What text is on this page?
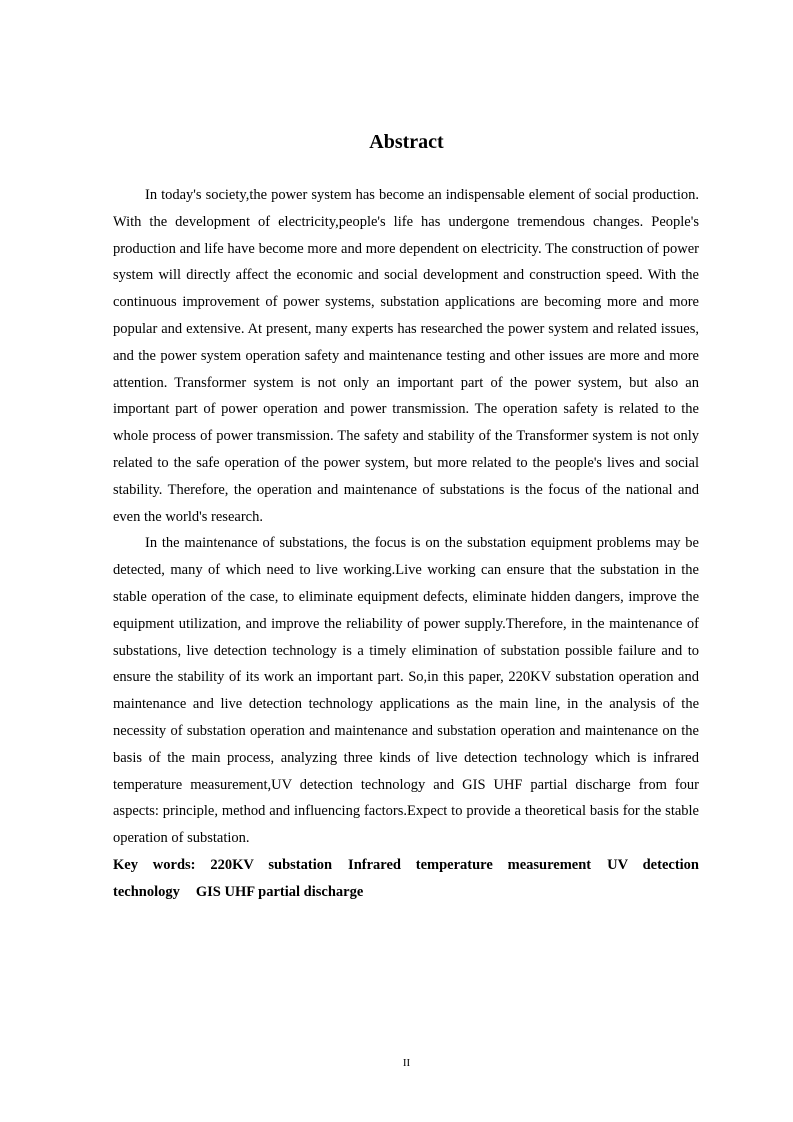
Abstract

In today's society,the power system has become an indispensable element of social production. With the development of electricity,people's life has undergone tremendous changes. People's production and life have become more and more dependent on electricity. The construction of power system will directly affect the economic and social development and construction speed. With the continuous improvement of power systems, substation applications are becoming more and more popular and extensive. At present, many experts has researched the power system and related issues, and the power system operation safety and maintenance testing and other issues are more and more attention. Transformer system is not only an important part of the power system, but also an important part of power operation and power transmission. The operation safety is related to the whole process of power transmission. The safety and stability of the Transformer system is not only related to the safe operation of the power system, but more related to the people's lives and social stability. Therefore, the operation and maintenance of substations is the focus of the national and even the world's research.

In the maintenance of substations, the focus is on the substation equipment problems may be detected, many of which need to live working.Live working can ensure that the substation in the stable operation of the case, to eliminate equipment defects, eliminate hidden dangers, improve the equipment utilization, and improve the reliability of power supply.Therefore, in the maintenance of substations, live detection technology is a timely elimination of substation possible failure and to ensure the stability of its work an important part. So,in this paper, 220KV substation operation and maintenance and live detection technology applications as the main line, in the analysis of the necessity of substation operation and maintenance and substation operation and maintenance on the basis of the main process, analyzing three kinds of live detection technology which is infrared temperature measurement,UV detection technology and GIS UHF partial discharge from four aspects: principle, method and influencing factors.Expect to provide a theoretical basis for the stable operation of substation.

Key words: 220KV substation Infrared temperature measurement UV detection technology GIS UHF partial discharge

II
